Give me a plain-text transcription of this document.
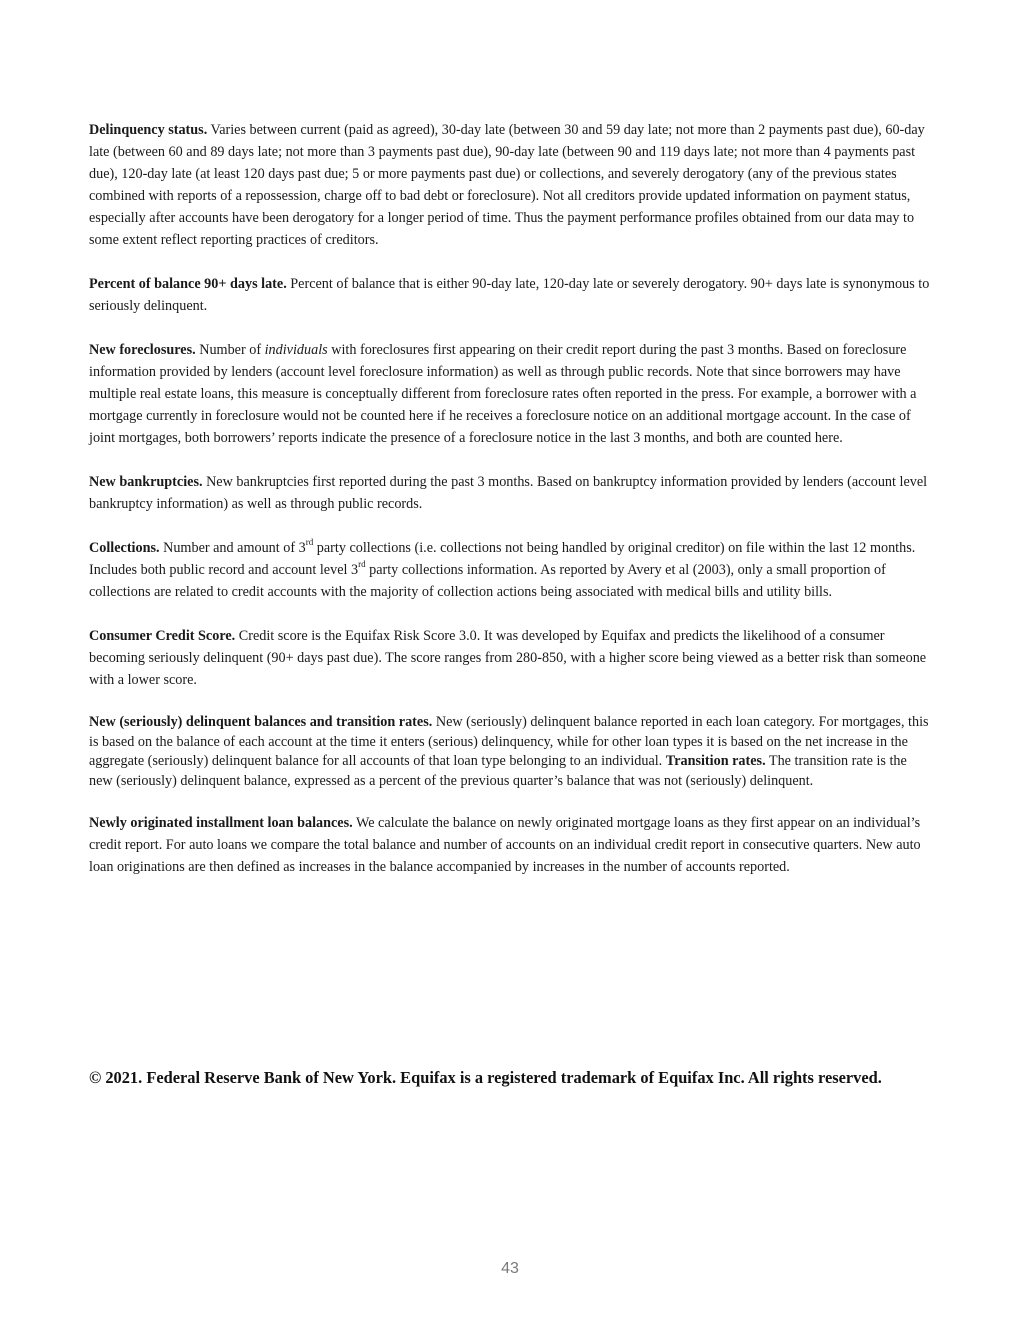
Delinquency status. Varies between current (paid as agreed), 30-day late (between 30 and 59 day late; not more than 2 payments past due), 60-day late (between 60 and 89 days late; not more than 3 payments past due), 90-day late (between 90 and 119 days late; not more than 4 payments past due), 120-day late (at least 120 days past due; 5 or more payments past due) or collections, and severely derogatory (any of the previous states combined with reports of a repossession, charge off to bad debt or foreclosure). Not all creditors provide updated information on payment status, especially after accounts have been derogatory for a longer period of time. Thus the payment performance profiles obtained from our data may to some extent reflect reporting practices of creditors.

Percent of balance 90+ days late. Percent of balance that is either 90-day late, 120-day late or severely derogatory. 90+ days late is synonymous to seriously delinquent.

New foreclosures. Number of individuals with foreclosures first appearing on their credit report during the past 3 months. Based on foreclosure information provided by lenders (account level foreclosure information) as well as through public records. Note that since borrowers may have multiple real estate loans, this measure is conceptually different from foreclosure rates often reported in the press. For example, a borrower with a mortgage currently in foreclosure would not be counted here if he receives a foreclosure notice on an additional mortgage account. In the case of joint mortgages, both borrowers’ reports indicate the presence of a foreclosure notice in the last 3 months, and both are counted here.

New bankruptcies. New bankruptcies first reported during the past 3 months. Based on bankruptcy information provided by lenders (account level bankruptcy information) as well as through public records.

Collections. Number and amount of 3rd party collections (i.e. collections not being handled by original creditor) on file within the last 12 months. Includes both public record and account level 3rd party collections information. As reported by Avery et al (2003), only a small proportion of collections are related to credit accounts with the majority of collection actions being associated with medical bills and utility bills.

Consumer Credit Score. Credit score is the Equifax Risk Score 3.0. It was developed by Equifax and predicts the likelihood of a consumer becoming seriously delinquent (90+ days past due). The score ranges from 280-850, with a higher score being viewed as a better risk than someone with a lower score.

New (seriously) delinquent balances and transition rates. New (seriously) delinquent balance reported in each loan category. For mortgages, this is based on the balance of each account at the time it enters (serious) delinquency, while for other loan types it is based on the net increase in the aggregate (seriously) delinquent balance for all accounts of that loan type belonging to an individual. Transition rates. The transition rate is the new (seriously) delinquent balance, expressed as a percent of the previous quarter’s balance that was not (seriously) delinquent.

Newly originated installment loan balances. We calculate the balance on newly originated mortgage loans as they first appear on an individual’s credit report. For auto loans we compare the total balance and number of accounts on an individual credit report in consecutive quarters. New auto loan originations are then defined as increases in the balance accompanied by increases in the number of accounts reported.

© 2021. Federal Reserve Bank of New York. Equifax is a registered trademark of Equifax Inc. All rights reserved.
43
